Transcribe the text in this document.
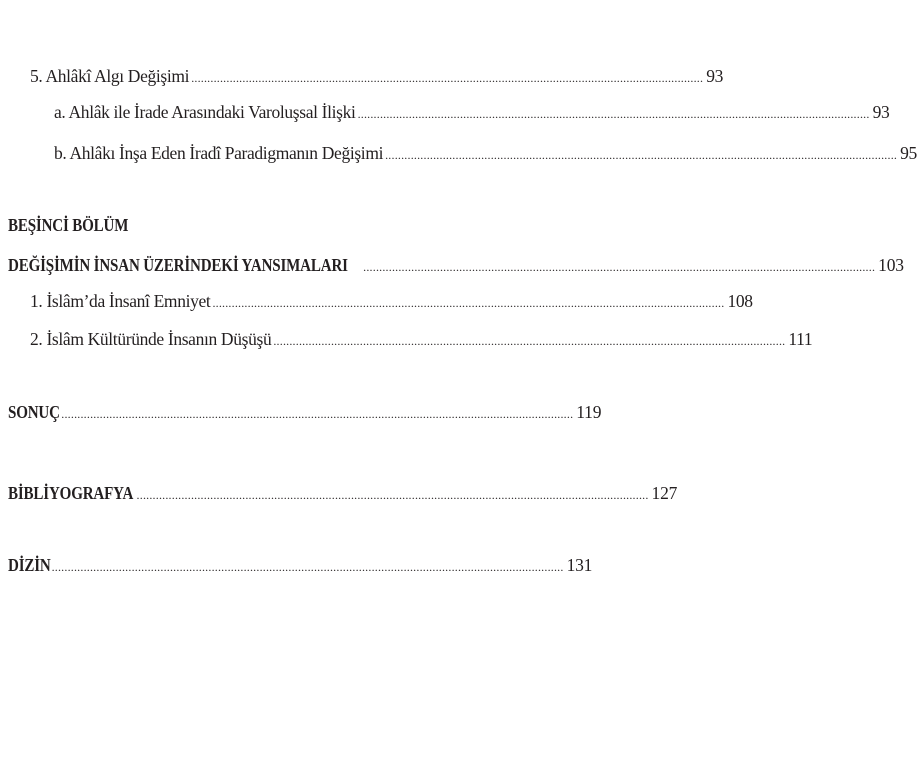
5. Ahlâkî Algı Değişimi ................................................................................................................................................................ 93
a. Ahlâk ile İrade Arasındaki Varoluşsal İlişki ................................................................................................................................................................ 93
b. Ahlâkı İnşa Eden İradî Paradigmanın Değişimi ................................................................................................................................................................ 95
BEŞİNCİ BÖLÜM
DEĞİŞİMİN İNSAN ÜZERİNDEKİ YANSIMALARI ................................................................................................................................................................ 103
1. İslâm’da İnsanî Emniyet ................................................................................................................................................................ 108
2. İslâm Kültüründe İnsanın Düşüşü ................................................................................................................................................................ 111
SONUÇ ................................................................................................................................................................ 119
BİBLİYOGRAFYA ................................................................................................................................................................ 127
DİZİN ................................................................................................................................................................ 131
